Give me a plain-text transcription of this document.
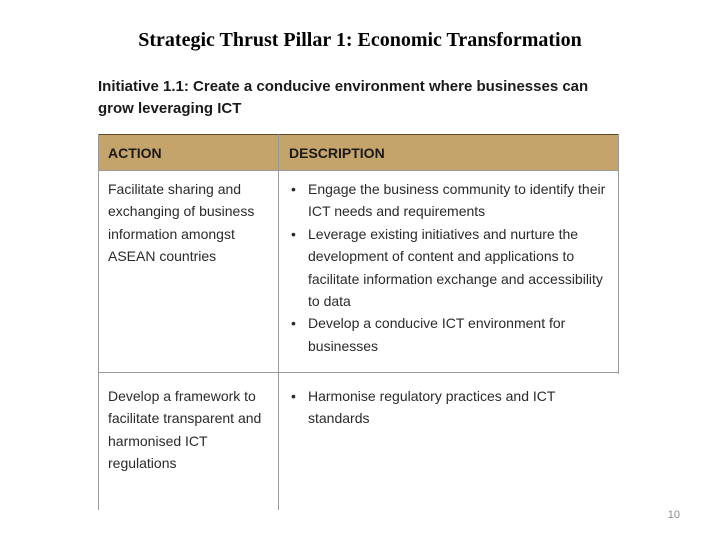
Strategic Thrust Pillar 1: Economic Transformation
Initiative 1.1: Create a conducive environment where businesses can grow leveraging ICT
ACTION	DESCRIPTION
Facilitate sharing and exchanging of business information amongst ASEAN countries
• Engage the business community to identify their ICT needs and requirements
• Leverage existing initiatives and nurture the development of content and applications to facilitate information exchange and accessibility to data
• Develop a conducive ICT environment for businesses
Develop a framework to facilitate transparent and harmonised ICT regulations
• Harmonise regulatory practices and ICT standards
10
